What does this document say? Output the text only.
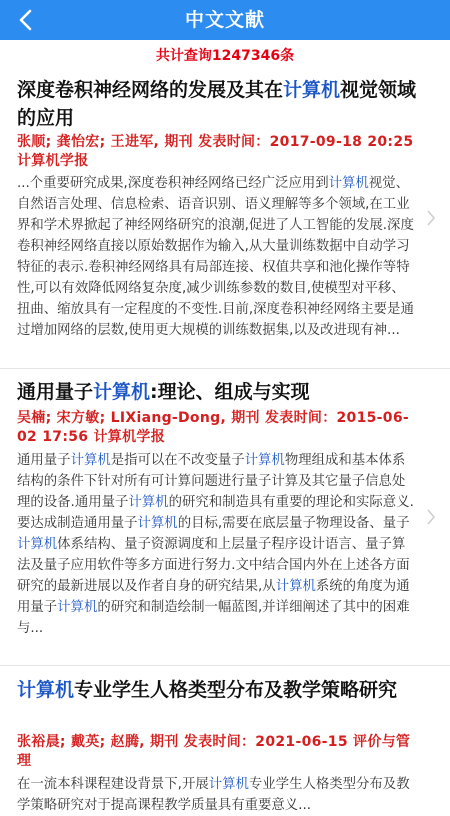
中文文献
共计查询1247346条
深度卷积神经网络的发展及其在计算机视觉领域的应用
张顺; 龚怡宏; 王进军, 期刊 发表时间：2017-09-18 20:25 计算机学报
...个重要研究成果,深度卷积神经网络已经广泛应用到计算机视觉、自然语言处理、信息检索、语音识别、语义理解等多个领域,在工业界和学术界掀起了神经网络研究的浪潮,促进了人工智能的发展.深度卷积神经网络直接以原始数据作为输入,从大量训练数据中自动学习特征的表示.卷积神经网络具有局部连接、权值共享和池化操作等特性,可以有效降低网络复杂度,减少训练参数的数目,使模型对平移、扭曲、缩放具有一定程度的不变性.目前,深度卷积神经网络主要是通过增加网络的层数,使用更大规模的训练数据集,以及改进现有神...
通用量子计算机:理论、组成与实现
吴楠; 宋方敏; LIXiang-Dong, 期刊 发表时间：2015-06-02 17:56 计算机学报
通用量子计算机是指可以在不改变量子计算机物理组成和基本体系结构的条件下针对所有可计算问题进行量子计算及其它量子信息处理的设备.通用量子计算机的研究和制造具有重要的理论和实际意义.要达成制造通用量子计算机的目标,需要在底层量子物理设备、量子计算机体系结构、量子资源调度和上层量子程序设计语言、量子算法及量子应用软件等多方面进行努力.文中结合国内外在上述各方面研究的最新进展以及作者自身的研究结果,从计算机系统的角度为通用量子计算机的研究和制造绘制一幅蓝图,并详细阐述了其中的困难与...
计算机专业学生人格类型分布及教学策略研究
张裕晨; 戴英; 赵腾, 期刊 发表时间：2021-06-15 评价与管理
在一流本科课程建设背景下,开展计算机专业学生人格类型分布及教学策略研究对于提高课程教学质量具有重要意义...
